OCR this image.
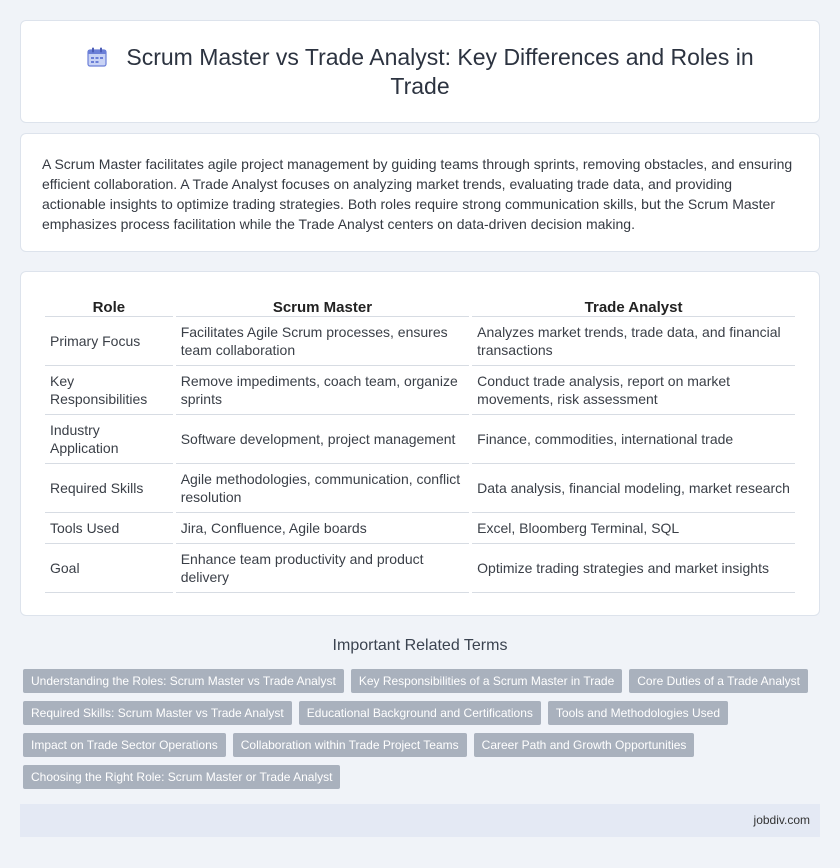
Scrum Master vs Trade Analyst: Key Differences and Roles in Trade

A Scrum Master facilitates agile project management by guiding teams through sprints, removing obstacles, and ensuring efficient collaboration. A Trade Analyst focuses on analyzing market trends, evaluating trade data, and providing actionable insights to optimize trading strategies. Both roles require strong communication skills, but the Scrum Master emphasizes process facilitation while the Trade Analyst centers on data-driven decision making.

Role	Scrum Master	Trade Analyst
Primary Focus	Facilitates Agile Scrum processes, ensures team collaboration	Analyzes market trends, trade data, and financial transactions
Key Responsibilities	Remove impediments, coach team, organize sprints	Conduct trade analysis, report on market movements, risk assessment
Industry Application	Software development, project management	Finance, commodities, international trade
Required Skills	Agile methodologies, communication, conflict resolution	Data analysis, financial modeling, market research
Tools Used	Jira, Confluence, Agile boards	Excel, Bloomberg Terminal, SQL
Goal	Enhance team productivity and product delivery	Optimize trading strategies and market insights
Important Related Terms
Understanding the Roles: Scrum Master vs Trade Analyst	Key Responsibilities of a Scrum Master in Trade	Core Duties of a Trade Analyst
Required Skills: Scrum Master vs Trade Analyst	Educational Background and Certifications	Tools and Methodologies Used
Impact on Trade Sector Operations	Collaboration within Trade Project Teams	Career Path and Growth Opportunities
Choosing the Right Role: Scrum Master or Trade Analyst
jobdiv.com
